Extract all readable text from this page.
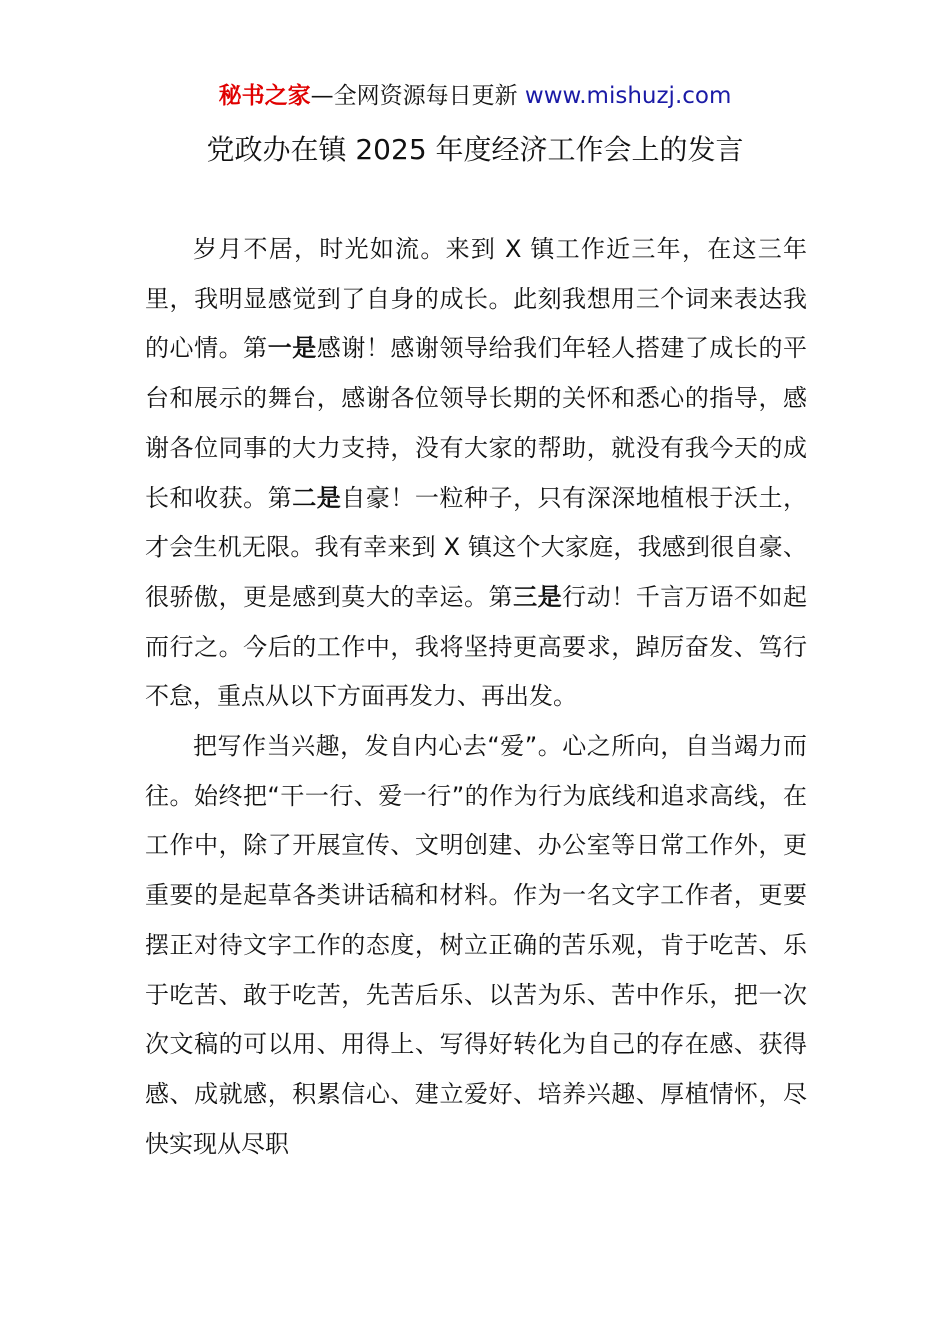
秘书之家—全网资源每日更新 www.mishuzj.com
党政办在镇 2025 年度经济工作会上的发言

岁月不居，时光如流。来到 X 镇工作近三年，在这三年里，我明显感觉到了自身的成长。此刻我想用三个词来表达我的心情。第一是感谢！感谢领导给我们年轻人搭建了成长的平台和展示的舞台，感谢各位领导长期的关怀和悉心的指导，感谢各位同事的大力支持，没有大家的帮助，就没有我今天的成长和收获。第二是自豪！一粒种子，只有深深地植根于沃土，才会生机无限。我有幸来到 X 镇这个大家庭，我感到很自豪、很骄傲，更是感到莫大的幸运。第三是行动！千言万语不如起而行之。今后的工作中，我将坚持更高要求，踔厉奋发、笃行不怠，重点从以下方面再发力、再出发。

把写作当兴趣，发自内心去“爱”。心之所向，自当竭力而往。始终把“干一行、爱一行”的作为行为底线和追求高线，在工作中，除了开展宣传、文明创建、办公室等日常工作外，更重要的是起草各类讲话稿和材料。作为一名文字工作者，更要摆正对待文字工作的态度，树立正确的苦乐观，肯于吃苦、乐于吃苦、敢于吃苦，先苦后乐、以苦为乐、苦中作乐，把一次次文稿的可以用、用得上、写得好转化为自己的存在感、获得感、成就感，积累信心、建立爱好、培养兴趣、厚植情怀，尽快实现从尽职
